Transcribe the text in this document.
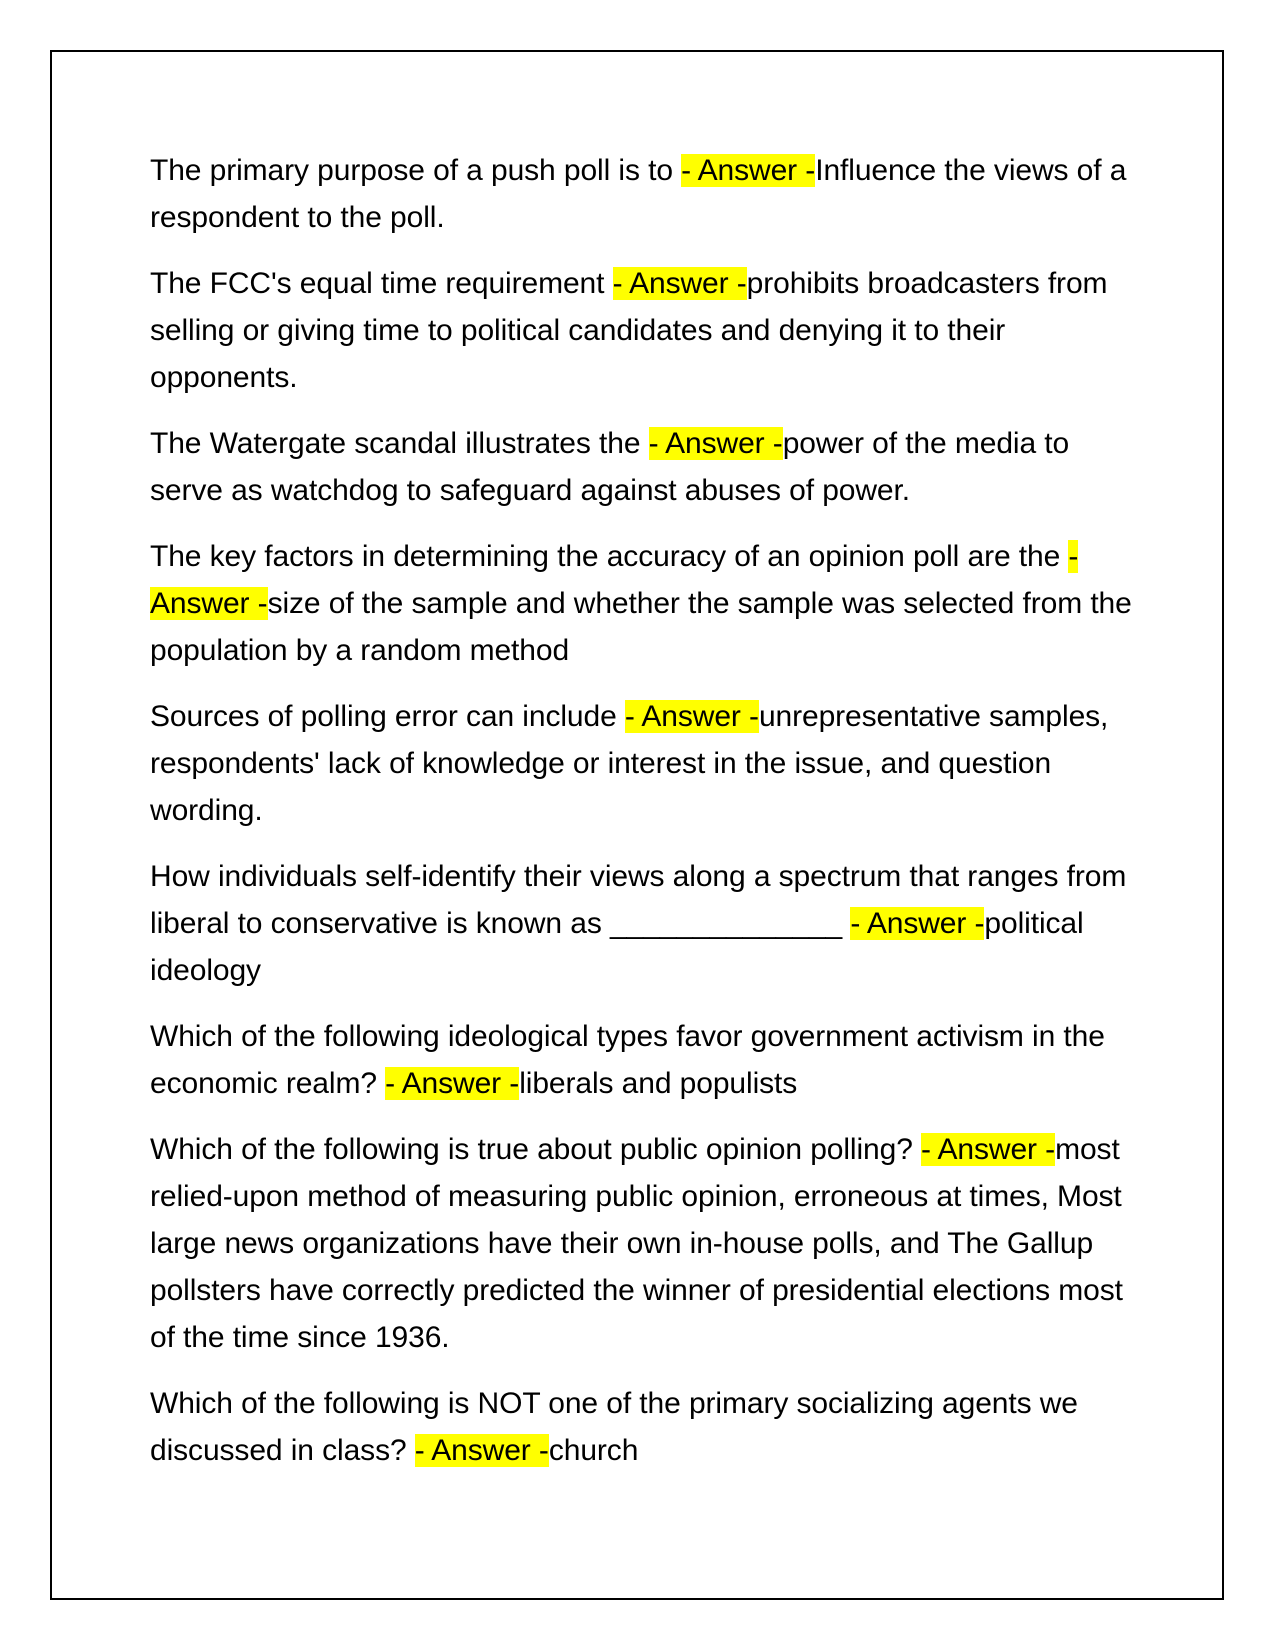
The primary purpose of a push poll is to - Answer -Influence the views of a respondent to the poll.

The FCC's equal time requirement - Answer -prohibits broadcasters from selling or giving time to political candidates and denying it to their opponents.

The Watergate scandal illustrates the - Answer -power of the media to serve as watchdog to safeguard against abuses of power.

The key factors in determining the accuracy of an opinion poll are the - Answer -size of the sample and whether the sample was selected from the population by a random method

Sources of polling error can include - Answer -unrepresentative samples, respondents' lack of knowledge or interest in the issue, and question wording.

How individuals self-identify their views along a spectrum that ranges from liberal to conservative is known as ______________ - Answer -political ideology

Which of the following ideological types favor government activism in the economic realm? - Answer -liberals and populists

Which of the following is true about public opinion polling? - Answer -most relied-upon method of measuring public opinion, erroneous at times, Most large news organizations have their own in-house polls, and The Gallup pollsters have correctly predicted the winner of presidential elections most of the time since 1936.

Which of the following is NOT one of the primary socializing agents we discussed in class? - Answer -church
